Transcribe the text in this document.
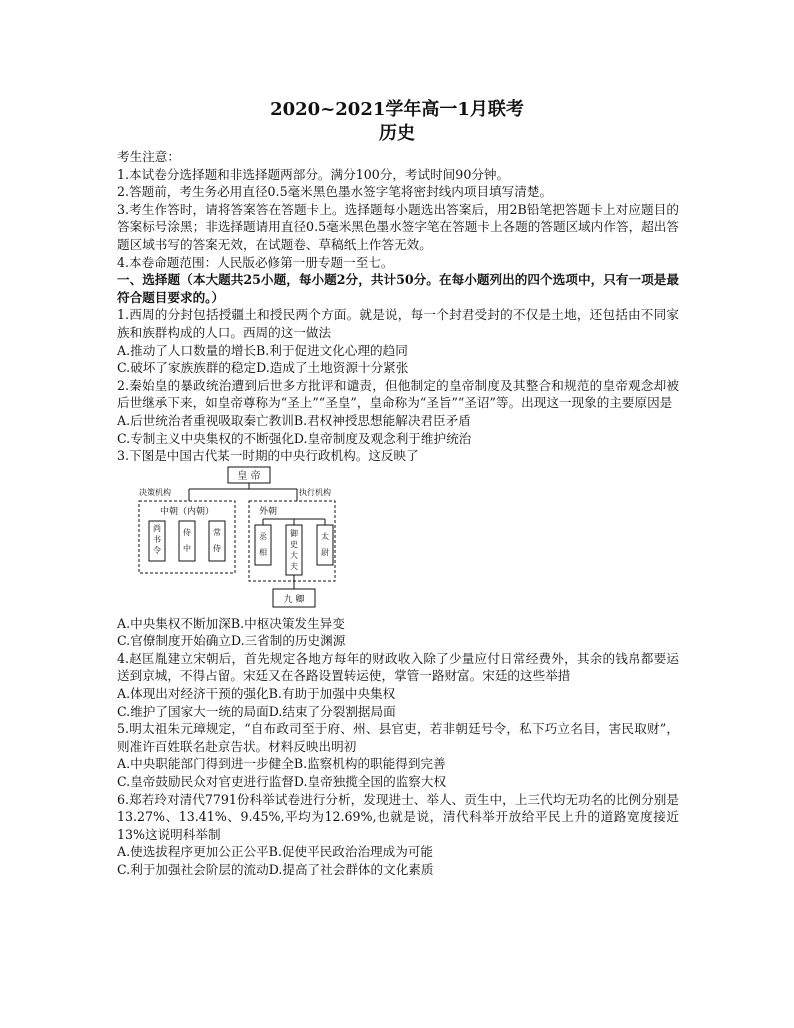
2020~2021学年高一1月联考
历史

考生注意：

1.本试卷分选择题和非选择题两部分。满分100分，考试时间90分钟。

2.答题前，考生务必用直径0.5毫米黑色墨水签字笔将密封线内项目填写清楚。

3.考生作答时，请将答案答在答题卡上。选择题每小题选出答案后，用2B铅笔把答题卡上对应题目的答案标号涂黑；非选择题请用直径0.5毫米黑色墨水签字笔在答题卡上各题的答题区域内作答，超出答题区域书写的答案无效，在试题卷、草稿纸上作答无效。

4.本卷命题范围：人民版必修第一册专题一至七。

一、选择题（本大题共25小题，每小题2分，共计50分。在每小题列出的四个选项中，只有一项是最符合题目要求的。）

1.西周的分封包括授疆土和授民两个方面。就是说，每一个封君受封的不仅是土地，还包括由不同家族和族群构成的人口。西周的这一做法

A.推动了人口数量的增长B.利于促进文化心理的趋同

C.破坏了家族族群的稳定D.造成了土地资源十分紧张

2.秦始皇的暴政统治遭到后世多方批评和谴责，但他制定的皇帝制度及其整合和规范的皇帝观念却被后世继承下来，如皇帝尊称为“圣上”“圣皇”，皇命称为“圣旨”“圣诏”等。出现这一现象的主要原因是

A.后世统治者重视吸取秦亡教训B.君权神授思想能解决君臣矛盾

C.专制主义中央集权的不断强化D.皇帝制度及观念利于维护统治

3.下图是中国古代某一时期的中央行政机构。这反映了

皇 帝
决策机构	执行机构
中朝（内朝）
尚
书
令
侍
中
常
侍
外朝
丞
相
御
史
大
夫
太
尉
九 卿

A.中央集权不断加深B.中枢决策发生异变

C.官僚制度开始确立D.三省制的历史渊源

4.赵匡胤建立宋朝后，首先规定各地方每年的财政收入除了少量应付日常经费外，其余的钱帛都要运送到京城，不得占留。宋廷又在各路设置转运使，掌管一路财富。宋廷的这些举措

A.体现出对经济干预的强化B.有助于加强中央集权

C.维护了国家大一统的局面D.结束了分裂割据局面

5.明太祖朱元璋规定，“自布政司至于府、州、县官吏，若非朝廷号令，私下巧立名目，害民取财”，则准许百姓联名赴京告状。材料反映出明初

A.中央职能部门得到进一步健全B.监察机构的职能得到完善

C.皇帝鼓励民众对官吏进行监督D.皇帝独揽全国的监察大权

6.郑若玲对清代7791份科举试卷进行分析，发现进士、举人、贡生中，上三代均无功名的比例分别是13.27%、13.41%、9.45%,平均为12.69%,也就是说，清代科举开放给平民上升的道路宽度接近13%这说明科举制

A.使选拔程序更加公正公平B.促使平民政治治理成为可能

C.利于加强社会阶层的流动D.提高了社会群体的文化素质
